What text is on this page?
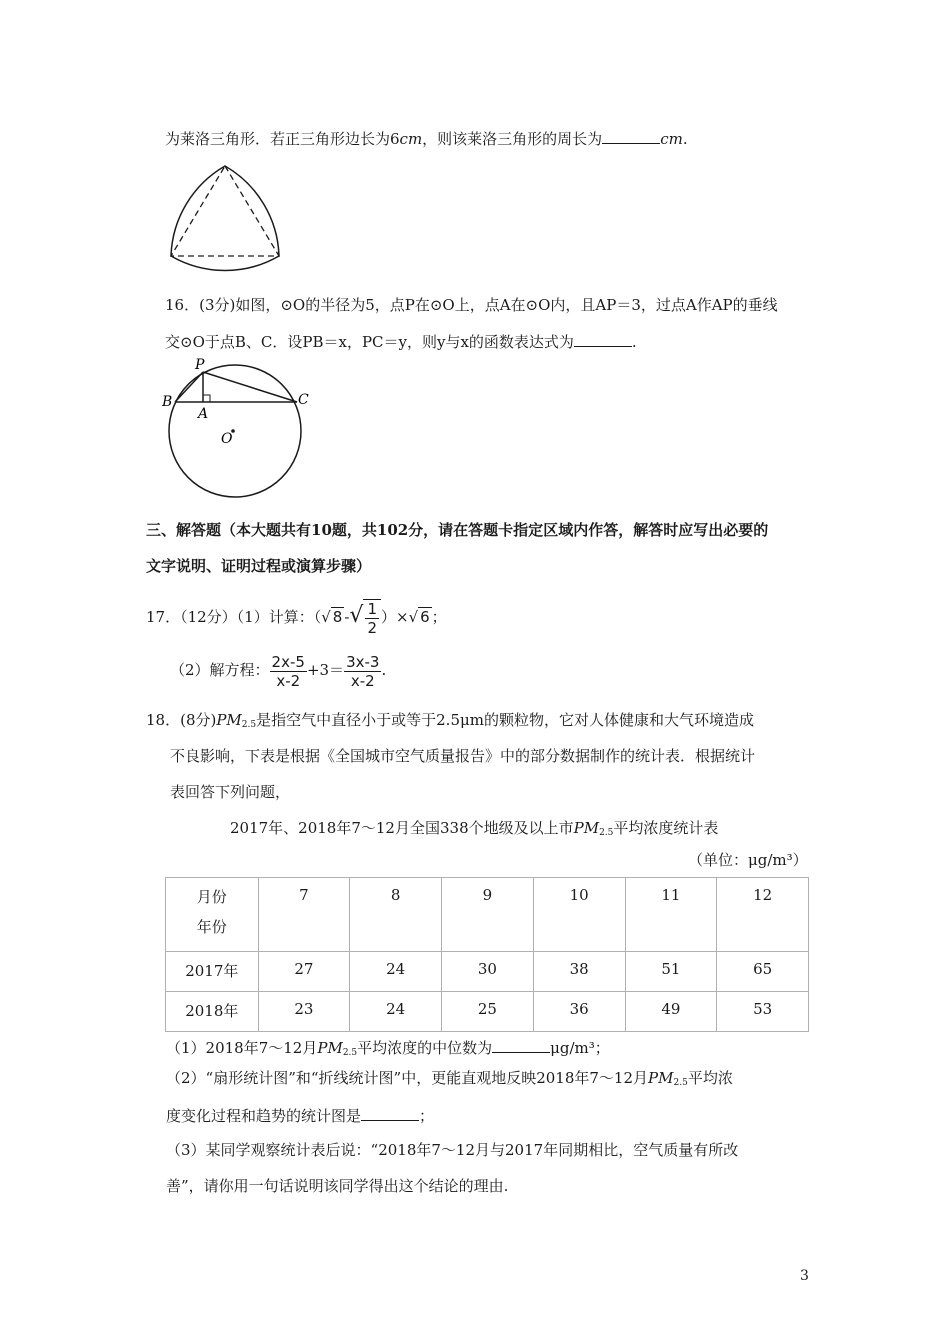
为莱洛三角形．若正三角形边长为6cm，则该莱洛三角形的周长为	cm.
16．(3分)如图，⊙O的半径为5，点P在⊙O上，点A在⊙O内，且AP＝3，过点A作AP的垂线
交⊙O于点B、C．设PB＝x，PC＝y，则y与x的函数表达式为	.
P
B
A
C
O
三、解答题（本大题共有10题，共102分，请在答题卡指定区域内作答，解答时应写出必要的
文字说明、证明过程或演算步骤）
17．（12分）（1）计算：（√ 8 -√ $\frac{1}{2}$ ）×√ 6 ；
（2）解方程： $\frac{2x-5}{x-2} +3= \frac{3x-3}{x-2}$ .
18．(8分)$PM_{2.5}$是指空气中直径小于或等于2.5μm的颗粒物，它对人体健康和大气环境造成
不良影响，下表是根据《全国城市空气质量报告》中的部分数据制作的统计表．根据统计
表回答下列问题，
2017年、2018年7～12月全国338个地级及以上市$PM_{2.5}$平均浓度统计表
（单位：μg/m³）
月份
年份	7	8	9	10	11	12
2017年	27	24	30	38	51	65
2018年	23	24	25	36	49	53
（1）2018年7～12月$PM_{2.5}$平均浓度的中位数为	μg/m³；
（2）“扇形统计图”和“折线统计图”中，更能直观地反映2018年7～12月$PM_{2.5}$平均浓
度变化过程和趋势的统计图是	；
（3）某同学观察统计表后说：“2018年7～12月与2017年同期相比，空气质量有所改
善”，请你用一句话说明该同学得出这个结论的理由.
3
